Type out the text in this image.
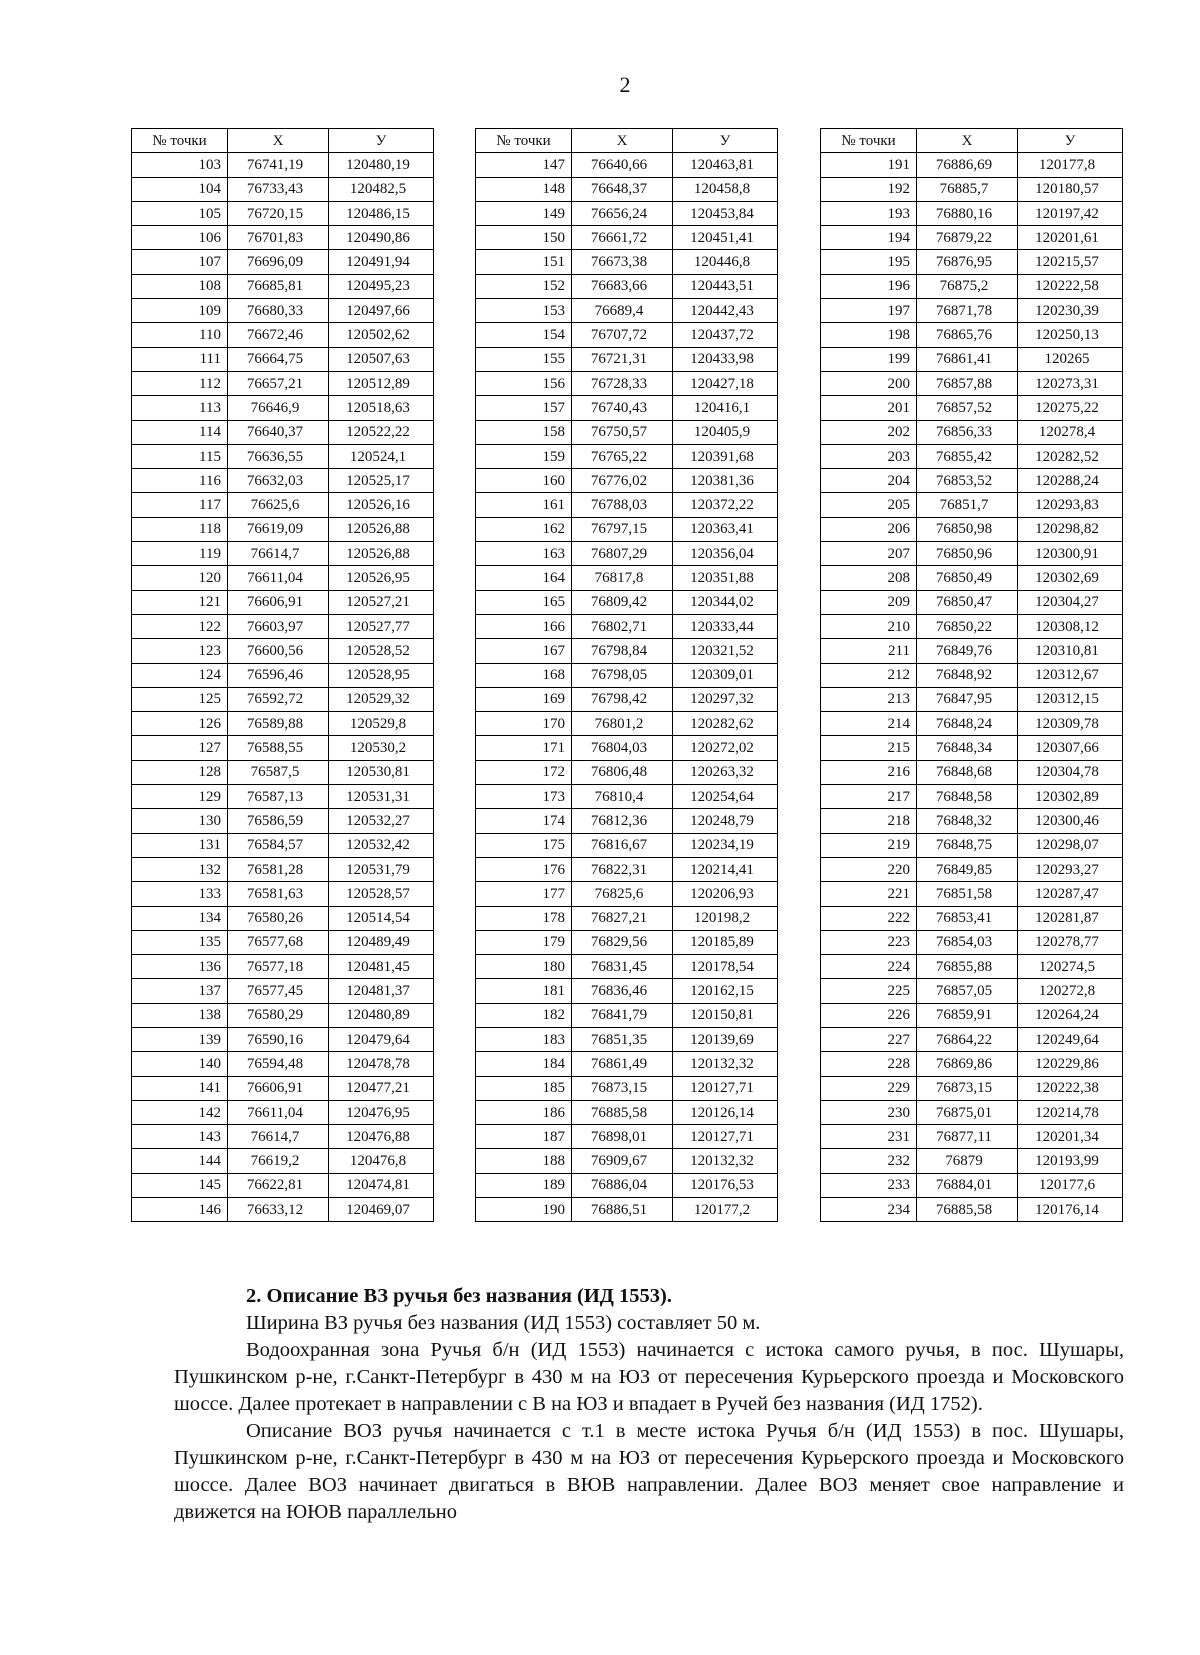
2
№ точки	X	У
103	76741,19	120480,19
104	76733,43	120482,5
105	76720,15	120486,15
106	76701,83	120490,86
107	76696,09	120491,94
108	76685,81	120495,23
109	76680,33	120497,66
110	76672,46	120502,62
111	76664,75	120507,63
112	76657,21	120512,89
113	76646,9	120518,63
114	76640,37	120522,22
115	76636,55	120524,1
116	76632,03	120525,17
117	76625,6	120526,16
118	76619,09	120526,88
119	76614,7	120526,88
120	76611,04	120526,95
121	76606,91	120527,21
122	76603,97	120527,77
123	76600,56	120528,52
124	76596,46	120528,95
125	76592,72	120529,32
126	76589,88	120529,8
127	76588,55	120530,2
128	76587,5	120530,81
129	76587,13	120531,31
130	76586,59	120532,27
131	76584,57	120532,42
132	76581,28	120531,79
133	76581,63	120528,57
134	76580,26	120514,54
135	76577,68	120489,49
136	76577,18	120481,45
137	76577,45	120481,37
138	76580,29	120480,89
139	76590,16	120479,64
140	76594,48	120478,78
141	76606,91	120477,21
142	76611,04	120476,95
143	76614,7	120476,88
144	76619,2	120476,8
145	76622,81	120474,81
146	76633,12	120469,07
№ точки	X	У
147	76640,66	120463,81
148	76648,37	120458,8
149	76656,24	120453,84
150	76661,72	120451,41
151	76673,38	120446,8
152	76683,66	120443,51
153	76689,4	120442,43
154	76707,72	120437,72
155	76721,31	120433,98
156	76728,33	120427,18
157	76740,43	120416,1
158	76750,57	120405,9
159	76765,22	120391,68
160	76776,02	120381,36
161	76788,03	120372,22
162	76797,15	120363,41
163	76807,29	120356,04
164	76817,8	120351,88
165	76809,42	120344,02
166	76802,71	120333,44
167	76798,84	120321,52
168	76798,05	120309,01
169	76798,42	120297,32
170	76801,2	120282,62
171	76804,03	120272,02
172	76806,48	120263,32
173	76810,4	120254,64
174	76812,36	120248,79
175	76816,67	120234,19
176	76822,31	120214,41
177	76825,6	120206,93
178	76827,21	120198,2
179	76829,56	120185,89
180	76831,45	120178,54
181	76836,46	120162,15
182	76841,79	120150,81
183	76851,35	120139,69
184	76861,49	120132,32
185	76873,15	120127,71
186	76885,58	120126,14
187	76898,01	120127,71
188	76909,67	120132,32
189	76886,04	120176,53
190	76886,51	120177,2
№ точки	X	У
191	76886,69	120177,8
192	76885,7	120180,57
193	76880,16	120197,42
194	76879,22	120201,61
195	76876,95	120215,57
196	76875,2	120222,58
197	76871,78	120230,39
198	76865,76	120250,13
199	76861,41	120265
200	76857,88	120273,31
201	76857,52	120275,22
202	76856,33	120278,4
203	76855,42	120282,52
204	76853,52	120288,24
205	76851,7	120293,83
206	76850,98	120298,82
207	76850,96	120300,91
208	76850,49	120302,69
209	76850,47	120304,27
210	76850,22	120308,12
211	76849,76	120310,81
212	76848,92	120312,67
213	76847,95	120312,15
214	76848,24	120309,78
215	76848,34	120307,66
216	76848,68	120304,78
217	76848,58	120302,89
218	76848,32	120300,46
219	76848,75	120298,07
220	76849,85	120293,27
221	76851,58	120287,47
222	76853,41	120281,87
223	76854,03	120278,77
224	76855,88	120274,5
225	76857,05	120272,8
226	76859,91	120264,24
227	76864,22	120249,64
228	76869,86	120229,86
229	76873,15	120222,38
230	76875,01	120214,78
231	76877,11	120201,34
232	76879	120193,99
233	76884,01	120177,6
234	76885,58	120176,14

2. Описание ВЗ ручья без названия (ИД 1553).

Ширина ВЗ ручья без названия (ИД 1553) составляет 50 м.

Водоохранная зона Ручья б/н (ИД 1553) начинается с истока самого ручья, в пос. Шушары, Пушкинском р-не, г.Санкт-Петербург в 430 м на ЮЗ от пересечения Курьерского проезда и Московского шоссе. Далее протекает в направлении с В на ЮЗ и впадает в Ручей без названия (ИД 1752).

Описание ВОЗ ручья начинается с т.1 в месте истока Ручья б/н (ИД 1553) в пос. Шушары, Пушкинском р-не, г.Санкт-Петербург в 430 м на ЮЗ от пересечения Курьерского проезда и Московского шоссе. Далее ВОЗ начинает двигаться в ВЮВ направлении. Далее ВОЗ меняет свое направление и движется на ЮЮВ параллельно
